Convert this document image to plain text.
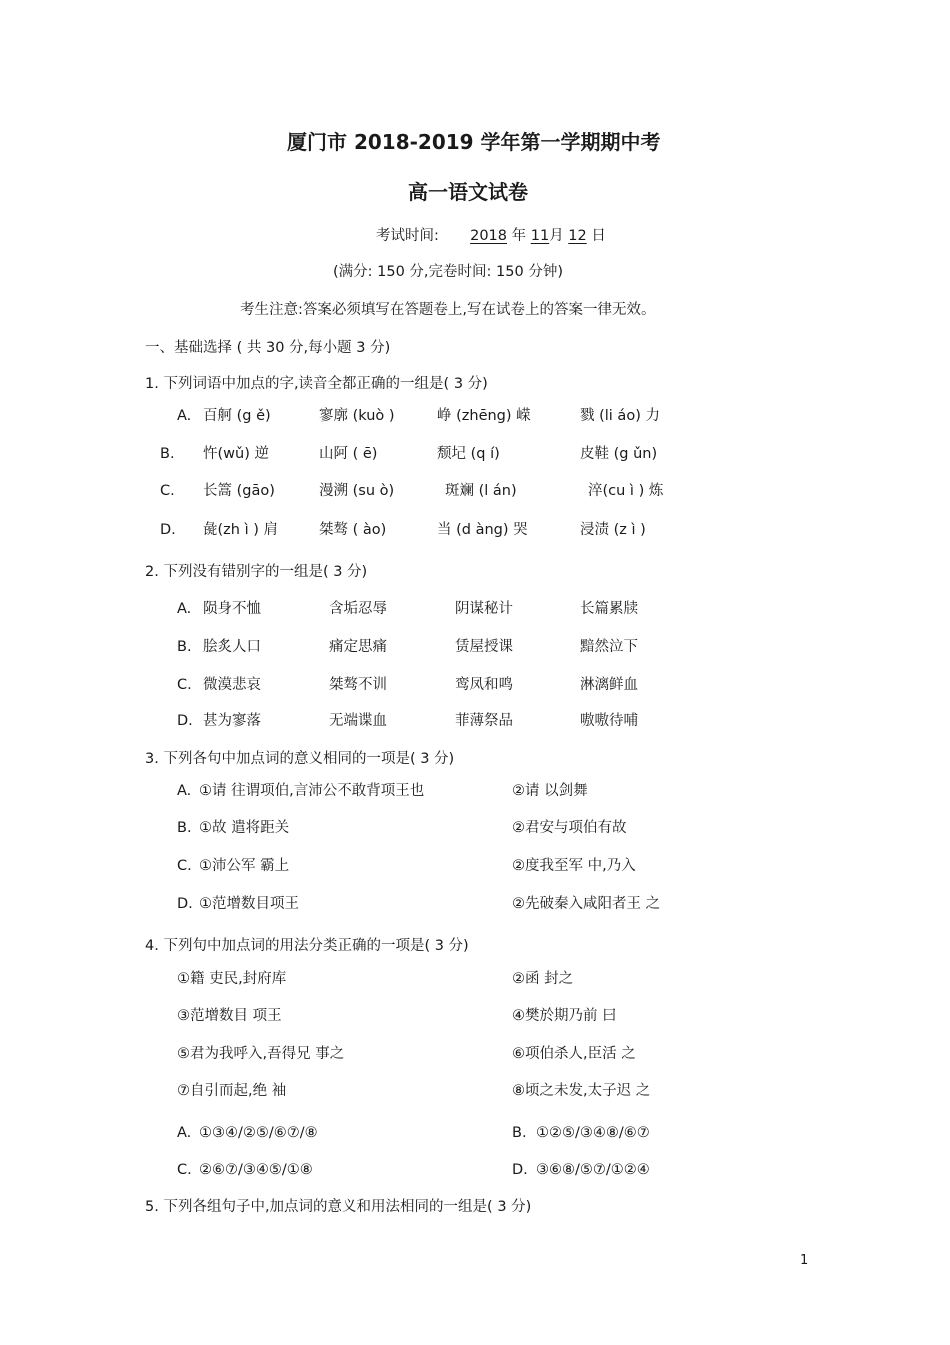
厦门市 2018-2019 学年第一学期期中考
高一语文试卷
考试时间: 2018 年 11月 12 日
(满分: 150 分,完卷时间: 150 分钟)
考生注意:答案必须填写在答题卷上,写在试卷上的答案一律无效。
一、基础选择 ( 共 30 分,每小题 3 分)
1. 下列词语中加点的字,读音全都正确的一组是( 3 分)
A. 百舸 (g ě)	寥廓 (kuò )	峥 (zhēng) 嵘	戮 (li áo) 力
B. 忤(wǔ) 逆	山阿 ( ē)	颓圮 (q í)	皮鞋 (g ǔn)
C. 长篙 (gāo)	漫溯 (su ò)	斑斓 (l án)	淬(cu ì ) 炼
D. 彘(zh ì ) 肩	桀骜 ( ào)	当 (d àng) 哭	浸渍 (z ì )
2. 下列没有错别字的一组是( 3 分)
A. 陨身不恤	含垢忍辱	阴谋秘计	长篇累牍
B. 脍炙人口	痛定思痛	赁屋授课	黯然泣下
C. 微漠悲哀	桀骜不训	鸾凤和鸣	淋漓鲜血
D. 甚为寥落	无端谍血	菲薄祭品	嗷嗷待哺
3. 下列各句中加点词的意义相同的一项是( 3 分)
A. ①请 往谓项伯,言沛公不敢背项王也	②请 以剑舞
B. ①故 遣将距关	②君安与项伯有故
C. ①沛公军 霸上	②度我至军 中,乃入
D. ①范增数目项王	②先破秦入咸阳者王 之
4. 下列句中加点词的用法分类正确的一项是( 3 分)
①籍 吏民,封府库	②函 封之
③范增数目 项王	④樊於期乃前 曰
⑤君为我呼入,吾得兄 事之	⑥项伯杀人,臣活 之
⑦自引而起,绝 袖	⑧顷之未发,太子迟 之
A. ①③④/②⑤/⑥⑦/⑧	B. ①②⑤/③④⑧/⑥⑦
C. ②⑥⑦/③④⑤/①⑧	D. ③⑥⑧/⑤⑦/①②④
5. 下列各组句子中,加点词的意义和用法相同的一组是( 3 分)
1
